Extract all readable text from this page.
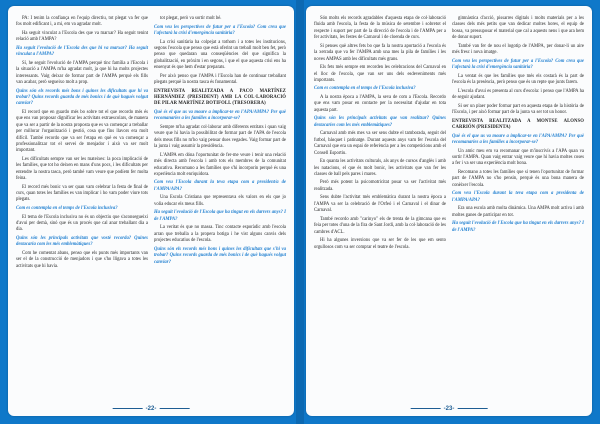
PA: I tenim la confiança en l'equip directiu, tot plegat va fer que fos molt edificant i, a mi, em va agradar molt.

Ha seguit vinculat a l'Escola des que va marxar? Ha seguit tenint relació amb l'AMPA?

Ha seguit l'evolució de l'Escola des que hi va marxar? Ha seguit vinculat a l'AMPA?

Sí, he seguit l'evolució de l'AMPA perquè tinc família a l'Escola i la situació a l'AMPA m'ha agradat molt, ja que hi ha molts projectes interessants. Vaig deixar de formar part de l'AMPA perquè els fills van acabar, però segueixo molt a prop.

Quins són els records més bons i quines les dificultats que hi va trobar? Quins records guarda de més bonics i de què hagués volgut canviar?

El record que en guardo més bo sobre tot el que recordo més és que ens van proposar dignificar les activitats extraescolars, de manera que va ser a partir de la nostra proposta que es va començar a treballar per millorar l'organització i gestió, cosa que fins llavors era molt difícil. També recordo que va ser l'etapa en què es va començar a professionalitzar tot el servei de menjador i això va ser molt important.

Les dificultats sempre van ser les mateixes: la poca implicació de les famílies, que tot ho deixen en mans d'uns pocs, i les dificultats per entendre la nostra tasca, però també vam veure que podíem fer molta feina.

El record més bonic va ser quan vam celebrar la festa de final de curs, quan totes les famílies es van implicar i ho vam poder viure tots plegats.

Com es contempla en el temps de l'Escola inclusiva?

El tema de l'Escola inclusiva no és un objectiu que s'aconsegueixi d'avui per demà, sinó que és un procés que cal anar treballant dia a dia.

Quins són les principals activitats que vostè recorda? Quines destacaria com les més emblemàtiques?

Com he comentat abans, penso que els punts més importants van ser el de la construcció de menjadors i que s'ho lligava a totes les activitats que hi havia.

tot plegat, però va sortir molt bé.

Com veu les perspectives de futur per a l'Escola? Com creu que l'afectarà la crisi d'emergència sanitària?

La crisi sanitària ha colpejat a tothom i a totes les institucions, segons l'escola que penso que està oferint un treball molt ben fet, però penso que quedaran una conseqüències del que significa la globalització, en pròxim i en segons, i que el que aquesta crisi ens ha ensenyat és que hem d'estar preparats.

Per això penso que l'AMPA i l'Escola han de continuar treballant plegats perquè la nostra tasca és fonamental.

ENTREVISTA REALITZADA A PACO MARTÍNEZ HERNÁNDEZ (PRESIDENT) AMB LA COL·LABORACIÓ DE PILAR MARTÍNEZ BOTIFOLL (TRESORERA)

Què és el que us va moure a implicar-te en l'APA/AMPA? Per què recomanaries a les famílies a incorporar-se?

Sempre m'ha agradat col·laborar amb diferents entitats i quan vaig veure que hi havia la possibilitat de formar part de l'APA de l'escola dels meus fills no m'ho vaig pensar dues vegades. Vaig formar part de la junta i vaig assumir la presidència.

L'AMPA em dóna l'oportunitat de fer-me veure i tenir una relació més directa amb l'escola i amb tots els membres de la comunitat educativa. Recomano a les famílies que s'hi incorporin perquè és una experiència molt enriquidora.

Com veu l'Escola durant la teva etapa com a president/a de l'AMPA/APA?

Una Escola Cristiana que representava els valors en els que jo volia educar els meus fills.

Ha seguit l'evolució de l'Escola que ha tingut en els darrers anys? I de l'AMPA?

La veritat és que no massa. Tinc contacte esporàdic amb l'escola arran que treballa a la propera botiga i he vist alguns canvis dels projectes educatius de l'escola.

Quins són els records més bons i quines les dificultats que s'hi va trobar? Quins records guarda de més bonics i de què hagués volgut canviar?

-22-

Són molts els records agradables d'aquesta etapa de col·laboració fluida amb l'escola, la festa de la música de setembre i sobretot el respecte i suport per part de la direcció de l'escola i de l'AMPA per a fer activitats, les festes de Carnaval i de cloenda de curs.

Si penses què altres fets bo que fa la nostra aportació a l'escola és la xerrada que va fer l'AMPA amb una mes la pila de famílies i les noves AMPAS amb les dificultats més grans.

Els fets més sempre em recorden les celebracions del Carnaval en el lloc de l'escola, que van ser uns dels esdeveniments més importants.

Com es contempla en el temps de l'Escola inclusiva?

A la nostra època a l'AMPA, la seva de com a l'Escola. Recordo que ens vam posar en contacte per la necessitat d'ajudar en tota aquesta part.

Quins són les principals activitats que van realitzar? Quines destacaries com les més emblemàtiques?

Carnaval amb més mes va ser sens dubte el tamborada, seguit del futbol, bàsquet i patinatge. Durant aquests anys vam fer l'escola del Carnaval que era un espai de referència per a les competicions amb el Consell Esportiu.

En quanta les activitats culturals, als anys de cursos d'anglès i amb les natacions, el que és molt bonic, les activitats que van fer les classes de ball pels pares i mares.

Però més potent la psicomotricitat posar va ser l'activitat més realitzada.

Sens dubte l'activitat més emblemàtica durant la nostra època a l'AMPA va ser la celebració de l'Orfeó i el Carnaval i el dinar de Carnaval.

També recordo amb "carinyo" els de trenta de la gimcana que es feia per totes d'una de la fira de Sant Jordi, amb la col·laboració de les cambres d'ACL.

Hi ha algunes inversions que va ser fer de les que em sento orgullosos com va ser comprar el teatre de l'escola.

gimnàstica d'acció, pissarres digitals i molts materials per a les classes dels més petits que van dedicar moltes hores, el equip de bossa, va pressuposar el material que cal a aquests nens i que ara hem de donar suport.

També van fer de nou el logotip de l'AMPA, per donar-li un aire més fresc i nova imatge.

Com veu les perspectives de futur per a l'Escola? Com creu que l'afectarà la crisi d'emergència sanitària?

La ventat és que les famílies que més els costarà és la part de l'escola és la presència, però penso que és un repte que junts farem.

L'escola d'avui es presenta al curs d'escola: i penso que l'AMPA ha de seguir ajudant.

Si ser un plaer poder formar part en aquesta etapa de la història de l'Escola, i per això formar part de la junta va ser tot un honor.

ENTREVISTA REALITZADA A MONTSE ALONSO CARRIÓN (PRESIDENTA)

Què és el que us va moure a implicar-te en l'APA/AMPA? Per què recomanaries a les famílies a incorporar-se?

Un amic meu em va recomanar que m'inscrivís a l'APA quan va sortir l'AMPA. Quan vaig entrar vaig veure que hi havia moltes coses a fer i va ser una experiència molt bona.

Recomano a totes les famílies que si tenen l'oportunitat de formar part de l'AMPA no s'ho pensin, perquè és una bona manera de conèixer l'escola.

Com veu l'Escola durant la teva etapa com a presidenta de l'AMPA/APA?

Era una escola amb molta dinàmica. Una AMPA molt activa i amb moltes ganes de participar en tot.

Ha seguit l'evolució de l'Escola que ha tingut en els darrers anys? I de l'AMPA?

-23-
